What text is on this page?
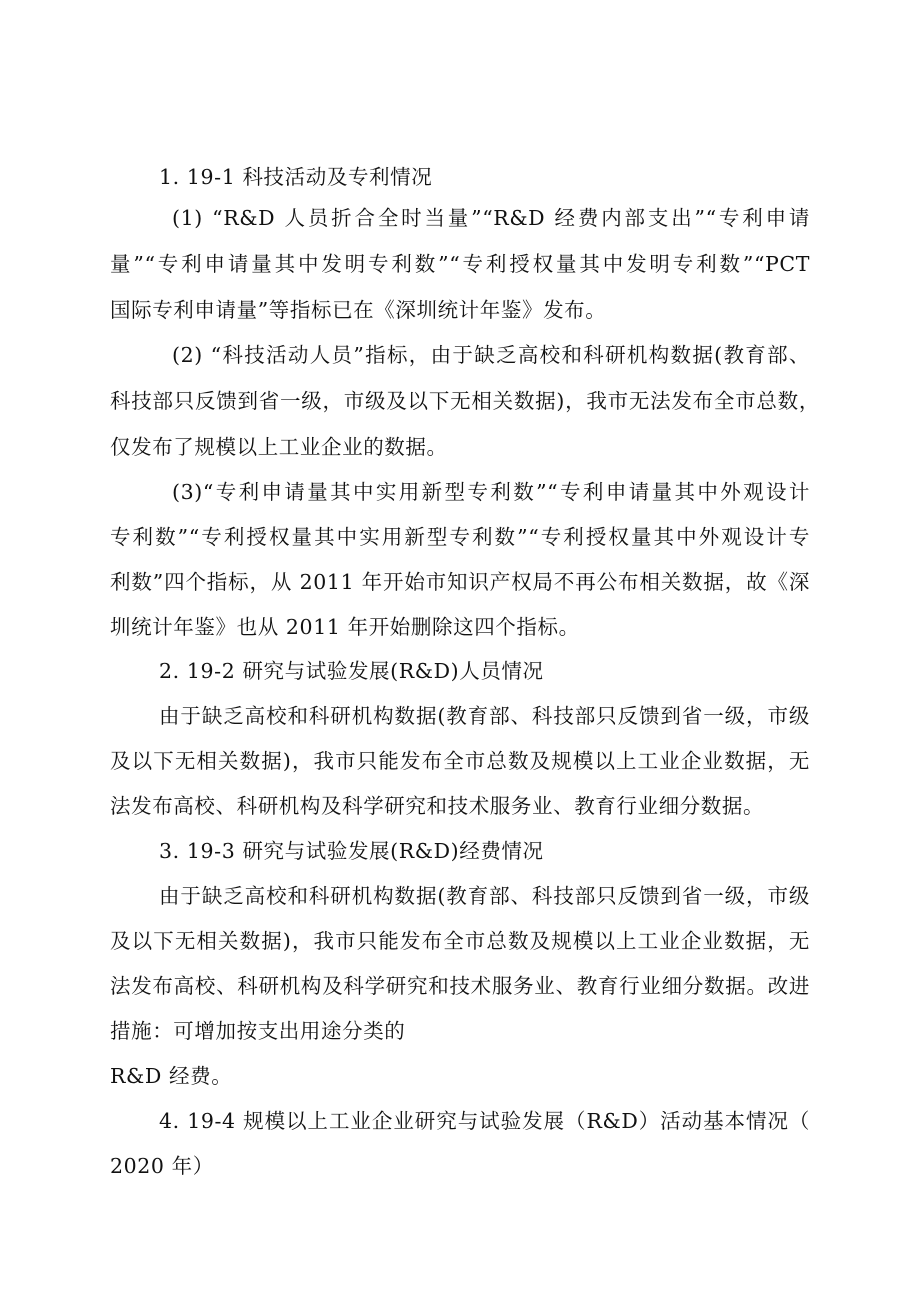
1. 19-1 科技活动及专利情况
(1) “R&D 人员折合全时当量”“R&D 经费内部支出”“专利申请
量”“专利申请量其中发明专利数”“专利授权量其中发明专利数”“PCT
国际专利申请量”等指标已在《深圳统计年鉴》发布。
(2) “科技活动人员”指标，由于缺乏高校和科研机构数据(教育部、
科技部只反馈到省一级，市级及以下无相关数据)，我市无法发布全市总数，
仅发布了规模以上工业企业的数据。
(3)“专利申请量其中实用新型专利数”“专利申请量其中外观设计
专利数”“专利授权量其中实用新型专利数”“专利授权量其中外观设计专
利数”四个指标，从 2011 年开始市知识产权局不再公布相关数据，故《深
圳统计年鉴》也从 2011 年开始删除这四个指标。
2. 19-2 研究与试验发展(R&D)人员情况
由于缺乏高校和科研机构数据(教育部、科技部只反馈到省一级，市级
及以下无相关数据)，我市只能发布全市总数及规模以上工业企业数据，无
法发布高校、科研机构及科学研究和技术服务业、教育行业细分数据。
3. 19-3 研究与试验发展(R&D)经费情况
由于缺乏高校和科研机构数据(教育部、科技部只反馈到省一级，市级
及以下无相关数据)，我市只能发布全市总数及规模以上工业企业数据，无
法发布高校、科研机构及科学研究和技术服务业、教育行业细分数据。改进
措施：可增加按支出用途分类的
R&D 经费。
4. 19-4 规模以上工业企业研究与试验发展（R&D）活动基本情况（
2020 年）
